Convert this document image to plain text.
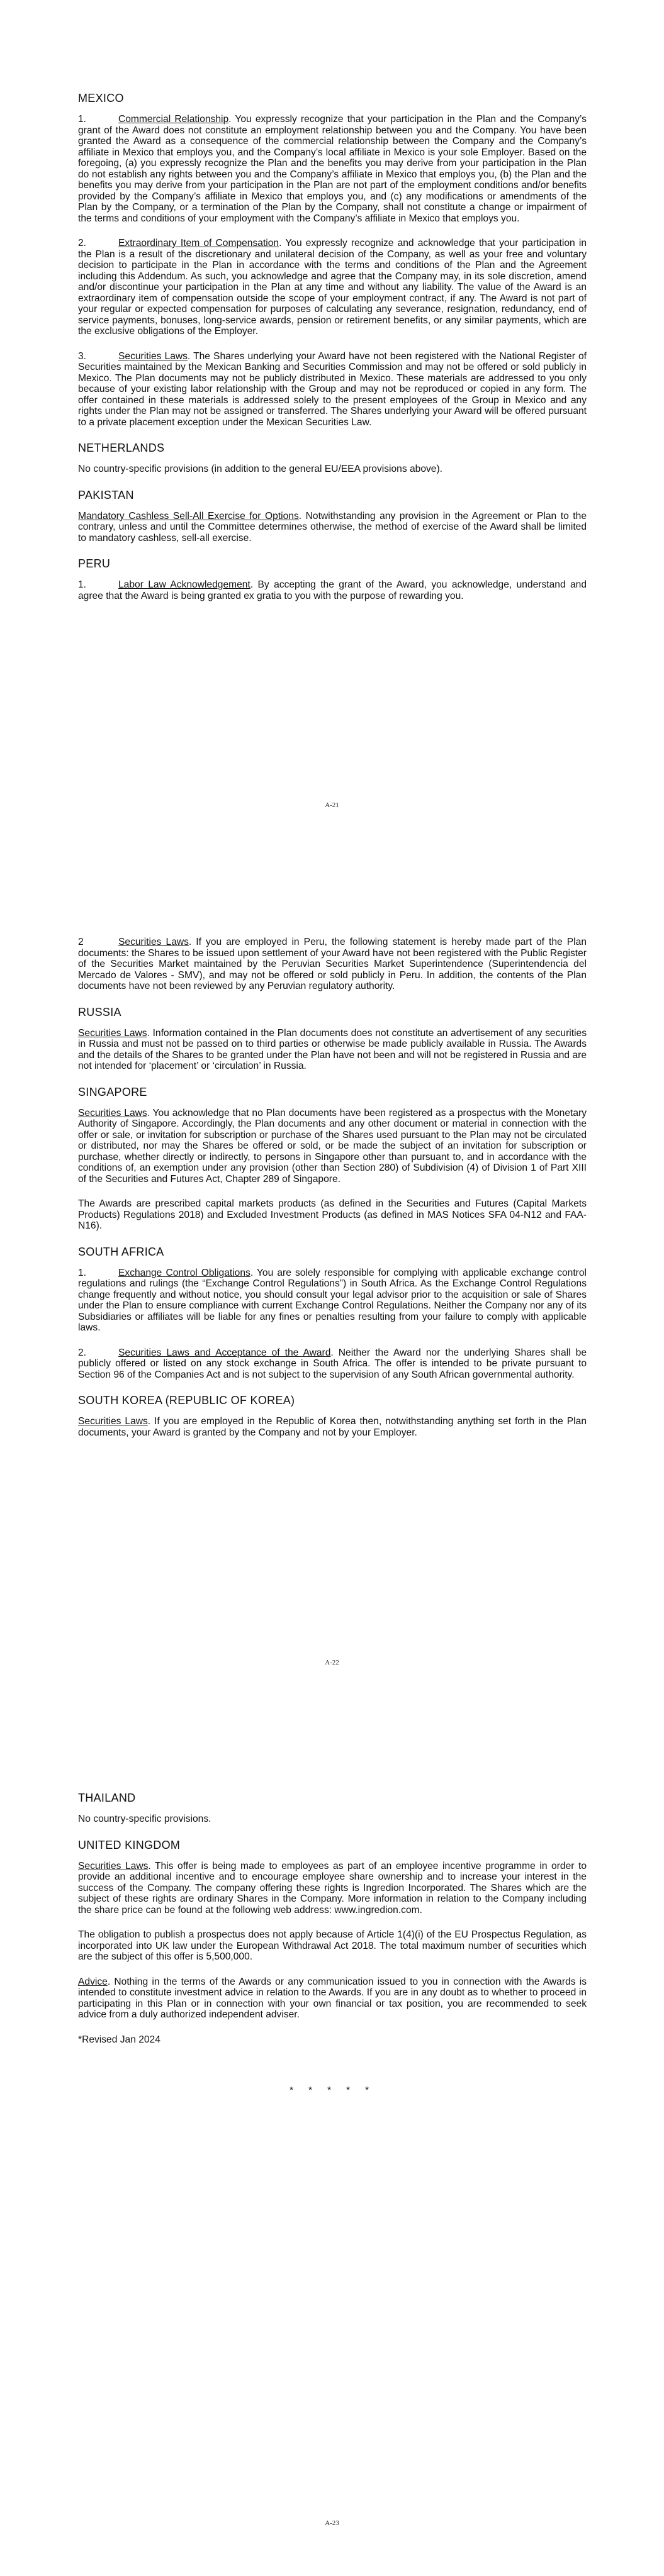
MEXICO

1.	Commercial Relationship. You expressly recognize that your participation in the Plan and the Company’s grant of the Award does not constitute an employment relationship between you and the Company. You have been granted the Award as a consequence of the commercial relationship between the Company and the Company’s affiliate in Mexico that employs you, and the Company’s local affiliate in Mexico is your sole Employer. Based on the foregoing, (a) you expressly recognize the Plan and the benefits you may derive from your participation in the Plan do not establish any rights between you and the Company’s affiliate in Mexico that employs you, (b) the Plan and the benefits you may derive from your participation in the Plan are not part of the employment conditions and/or benefits provided by the Company’s affiliate in Mexico that employs you, and (c) any modifications or amendments of the Plan by the Company, or a termination of the Plan by the Company, shall not constitute a change or impairment of the terms and conditions of your employment with the Company’s affiliate in Mexico that employs you.

2.	Extraordinary Item of Compensation. You expressly recognize and acknowledge that your participation in the Plan is a result of the discretionary and unilateral decision of the Company, as well as your free and voluntary decision to participate in the Plan in accordance with the terms and conditions of the Plan and the Agreement including this Addendum. As such, you acknowledge and agree that the Company may, in its sole discretion, amend and/or discontinue your participation in the Plan at any time and without any liability. The value of the Award is an extraordinary item of compensation outside the scope of your employment contract, if any. The Award is not part of your regular or expected compensation for purposes of calculating any severance, resignation, redundancy, end of service payments, bonuses, long-service awards, pension or retirement benefits, or any similar payments, which are the exclusive obligations of the Employer.

3.	Securities Laws. The Shares underlying your Award have not been registered with the National Register of Securities maintained by the Mexican Banking and Securities Commission and may not be offered or sold publicly in Mexico. The Plan documents may not be publicly distributed in Mexico. These materials are addressed to you only because of your existing labor relationship with the Group and may not be reproduced or copied in any form. The offer contained in these materials is addressed solely to the present employees of the Group in Mexico and any rights under the Plan may not be assigned or transferred. The Shares underlying your Award will be offered pursuant to a private placement exception under the Mexican Securities Law.

NETHERLANDS

No country-specific provisions (in addition to the general EU/EEA provisions above).

PAKISTAN

Mandatory Cashless Sell-All Exercise for Options. Notwithstanding any provision in the Agreement or Plan to the contrary, unless and until the Committee determines otherwise, the method of exercise of the Award shall be limited to mandatory cashless, sell-all exercise.

PERU

1.	Labor Law Acknowledgement. By accepting the grant of the Award, you acknowledge, understand and agree that the Award is being granted ex gratia to you with the purpose of rewarding you.

A-21

2	Securities Laws. If you are employed in Peru, the following statement is hereby made part of the Plan documents: the Shares to be issued upon settlement of your Award have not been registered with the Public Register of the Securities Market maintained by the Peruvian Securities Market Superintendence (Superintendencia del Mercado de Valores - SMV), and may not be offered or sold publicly in Peru. In addition, the contents of the Plan documents have not been reviewed by any Peruvian regulatory authority.

RUSSIA

Securities Laws. Information contained in the Plan documents does not constitute an advertisement of any securities in Russia and must not be passed on to third parties or otherwise be made publicly available in Russia. The Awards and the details of the Shares to be granted under the Plan have not been and will not be registered in Russia and are not intended for ‘placement’ or ‘circulation’ in Russia.

SINGAPORE

Securities Laws. You acknowledge that no Plan documents have been registered as a prospectus with the Monetary Authority of Singapore. Accordingly, the Plan documents and any other document or material in connection with the offer or sale, or invitation for subscription or purchase of the Shares used pursuant to the Plan may not be circulated or distributed, nor may the Shares be offered or sold, or be made the subject of an invitation for subscription or purchase, whether directly or indirectly, to persons in Singapore other than pursuant to, and in accordance with the conditions of, an exemption under any provision (other than Section 280) of Subdivision (4) of Division 1 of Part XIII of the Securities and Futures Act, Chapter 289 of Singapore.

The Awards are prescribed capital markets products (as defined in the Securities and Futures (Capital Markets Products) Regulations 2018) and Excluded Investment Products (as defined in MAS Notices SFA 04-N12 and FAA-N16).

SOUTH AFRICA

1.	Exchange Control Obligations. You are solely responsible for complying with applicable exchange control regulations and rulings (the “Exchange Control Regulations”) in South Africa. As the Exchange Control Regulations change frequently and without notice, you should consult your legal advisor prior to the acquisition or sale of Shares under the Plan to ensure compliance with current Exchange Control Regulations. Neither the Company nor any of its Subsidiaries or affiliates will be liable for any fines or penalties resulting from your failure to comply with applicable laws.

2.	Securities Laws and Acceptance of the Award. Neither the Award nor the underlying Shares shall be publicly offered or listed on any stock exchange in South Africa. The offer is intended to be private pursuant to Section 96 of the Companies Act and is not subject to the supervision of any South African governmental authority.

SOUTH KOREA (REPUBLIC OF KOREA)

Securities Laws. If you are employed in the Republic of Korea then, notwithstanding anything set forth in the Plan documents, your Award is granted by the Company and not by your Employer.

A-22
THAILAND

No country-specific provisions.

UNITED KINGDOM

Securities Laws. This offer is being made to employees as part of an employee incentive programme in order to provide an additional incentive and to encourage employee share ownership and to increase your interest in the success of the Company. The company offering these rights is Ingredion Incorporated. The Shares which are the subject of these rights are ordinary Shares in the Company. More information in relation to the Company including the share price can be found at the following web address: www.ingredion.com.

The obligation to publish a prospectus does not apply because of Article 1(4)(i) of the EU Prospectus Regulation, as incorporated into UK law under the European Withdrawal Act 2018. The total maximum number of securities which are the subject of this offer is 5,500,000.

Advice. Nothing in the terms of the Awards or any communication issued to you in connection with the Awards is intended to constitute investment advice in relation to the Awards. If you are in any doubt as to whether to proceed in participating in this Plan or in connection with your own financial or tax position, you are recommended to seek advice from a duly authorized independent adviser.

*Revised Jan 2024

* * * * *
A-23
